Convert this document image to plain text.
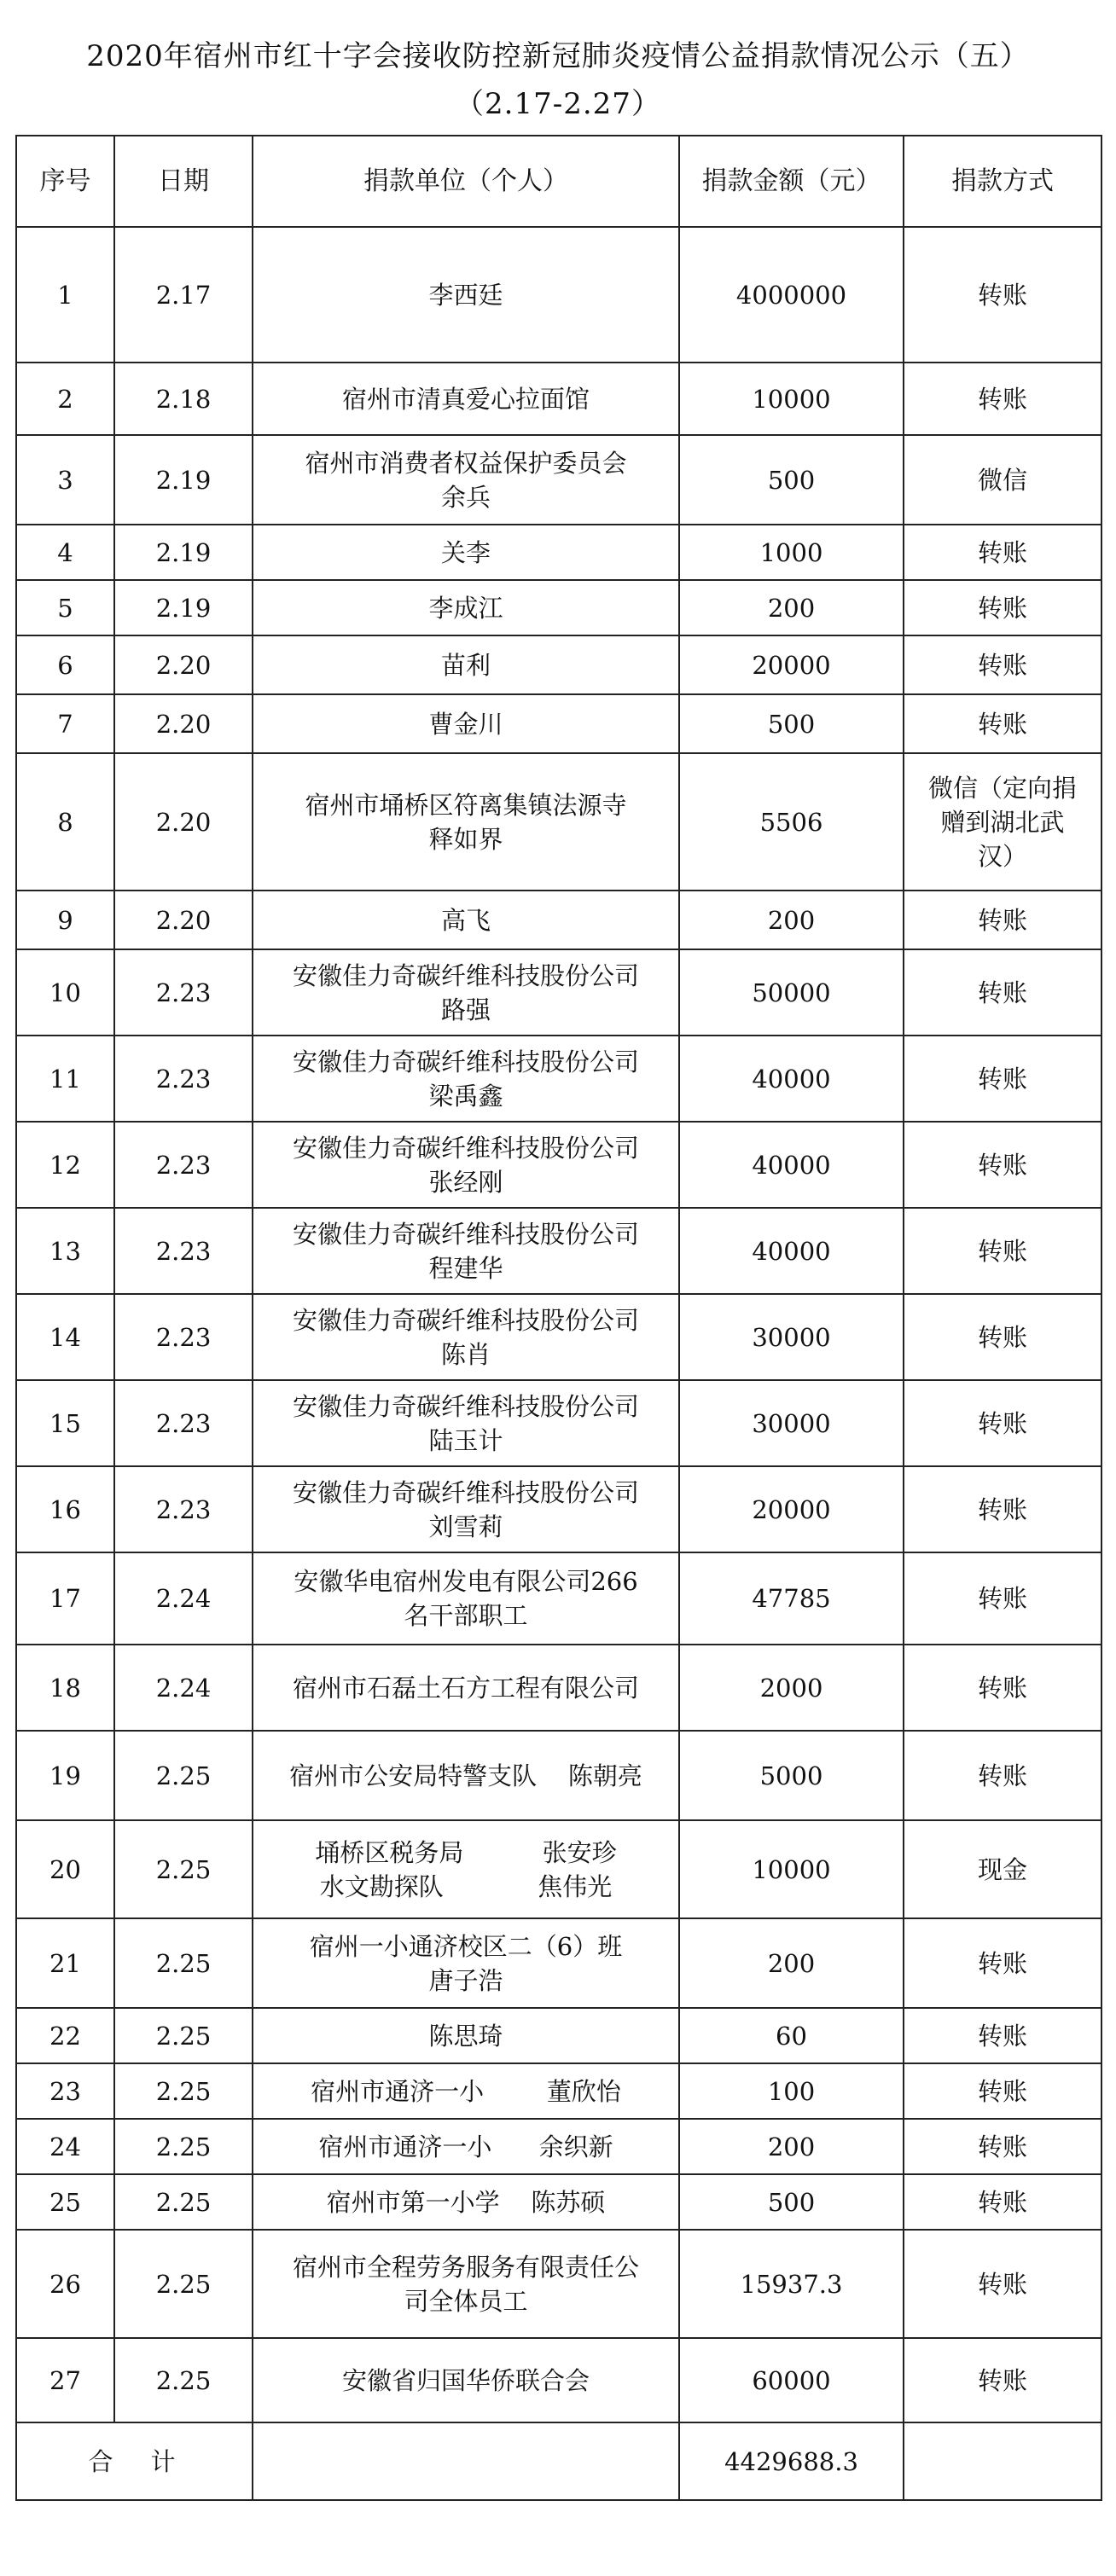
2020年宿州市红十字会接收防控新冠肺炎疫情公益捐款情况公示（五）
（2.17-2.27）
序号	日期	捐款单位（个人）	捐款金额（元）	捐款方式
1	2.17	李西廷	4000000	转账
2	2.18	宿州市清真爱心拉面馆	10000	转账
3	2.19	宿州市消费者权益保护委员会
余兵	500	微信
4	2.19	关李	1000	转账
5	2.19	李成江	200	转账
6	2.20	苗利	20000	转账
7	2.20	曹金川	500	转账
8	2.20	宿州市埇桥区符离集镇法源寺
释如界	5506	微信（定向捐
赠到湖北武
汉）
9	2.20	高飞	200	转账
10	2.23	安徽佳力奇碳纤维科技股份公司
路强	50000	转账
11	2.23	安徽佳力奇碳纤维科技股份公司
梁禹鑫	40000	转账
12	2.23	安徽佳力奇碳纤维科技股份公司
张经刚	40000	转账
13	2.23	安徽佳力奇碳纤维科技股份公司
程建华	40000	转账
14	2.23	安徽佳力奇碳纤维科技股份公司
陈肖	30000	转账
15	2.23	安徽佳力奇碳纤维科技股份公司
陆玉计	30000	转账
16	2.23	安徽佳力奇碳纤维科技股份公司
刘雪莉	20000	转账
17	2.24	安徽华电宿州发电有限公司266
名干部职工	47785	转账
18	2.24	宿州市石磊土石方工程有限公司	2000	转账
19	2.25	宿州市公安局特警支队    陈朝亮	5000	转账
20	2.25	埇桥区税务局          张安珍
水文勘探队            焦伟光	10000	现金
21	2.25	宿州一小通济校区二（6）班
唐子浩	200	转账
22	2.25	陈思琦	60	转账
23	2.25	宿州市通济一小        董欣怡	100	转账
24	2.25	宿州市通济一小      余织新	200	转账
25	2.25	宿州市第一小学    陈苏硕	500	转账
26	2.25	宿州市全程劳务服务有限责任公
司全体员工	15937.3	转账
27	2.25	安徽省归国华侨联合会	60000	转账
合计			4429688.3	
